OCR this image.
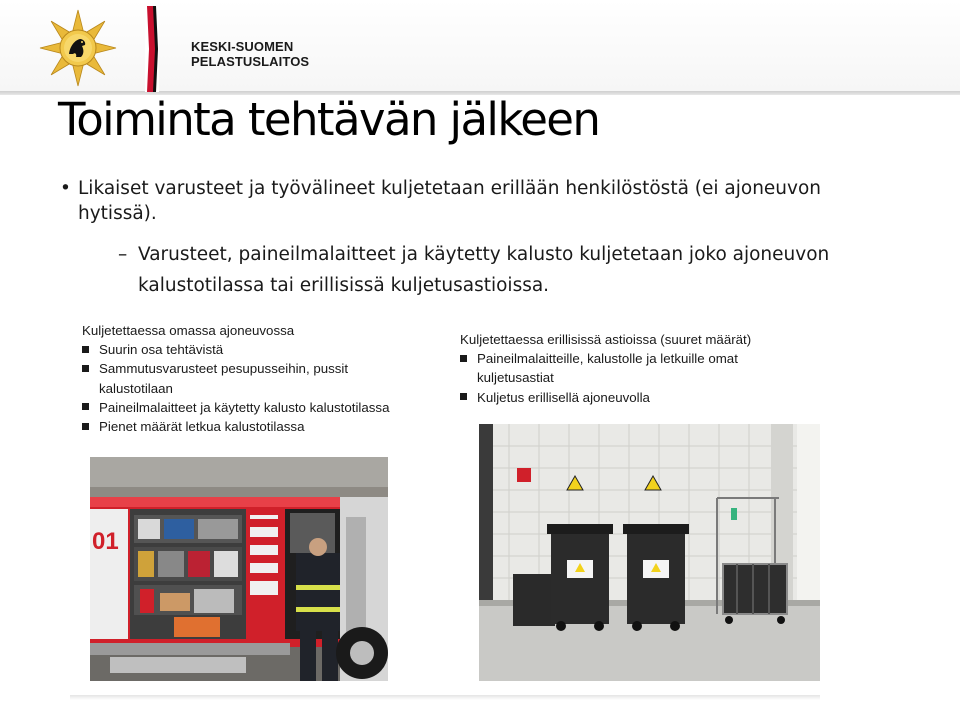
KESKI-SUOMEN
PELASTUSLAITOS
Toiminta tehtävän jälkeen
• Likaiset varusteet ja työvälineet kuljetetaan erillään henkilöstöstä (ei ajoneuvon
hytissä).
– Varusteet, paineilmalaitteet ja käytetty kalusto kuljetetaan joko ajoneuvon
kalustotilassa tai erillisissä kuljetusastioissa.
Kuljetettaessa omassa ajoneuvossa
Suurin osa tehtävistä
Sammutusvarusteet pesupusseihin, pussit kalustotilaan
Paineilmalaitteet ja käytetty kalusto kalustotilassa
Pienet määrät letkua kalustotilassa
Kuljetettaessa erillisissä astioissa (suuret määrät)
Paineilmalaitteille, kalustolle ja letkuille omat kuljetusastiat
Kuljetus erillisellä ajoneuvolla
01
